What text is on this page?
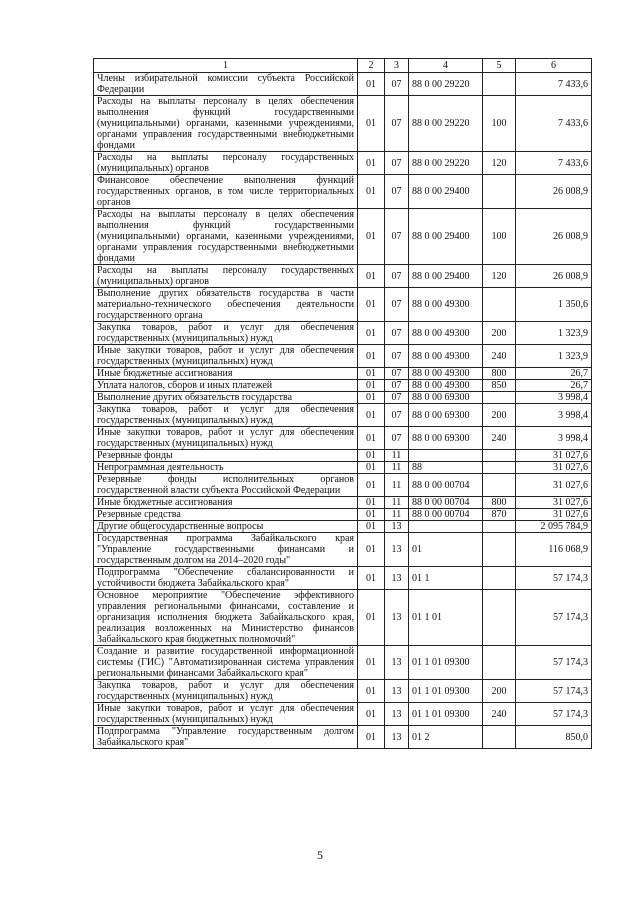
1	2	3	4	5	6
Члены избирательной комиссии субъекта Российской Федерации	01	07	88 0 00 29220		7 433,6
Расходы на выплаты персоналу в целях обеспечения выполнения функций государственными (муниципальными) органами, казенными учреждениями, органами управления государственными внебюджетными фондами	01	07	88 0 00 29220	100	7 433,6
Расходы на выплаты персоналу государственных (муниципальных) органов	01	07	88 0 00 29220	120	7 433,6
Финансовое обеспечение выполнения функций государственных органов, в том числе территориальных органов	01	07	88 0 00 29400		26 008,9
Расходы на выплаты персоналу в целях обеспечения выполнения функций государственными (муниципальными) органами, казенными учреждениями, органами управления государственными внебюджетными фондами	01	07	88 0 00 29400	100	26 008,9
Расходы на выплаты персоналу государственных (муниципальных) органов	01	07	88 0 00 29400	120	26 008,9
Выполнение других обязательств государства в части материально-технического обеспечения деятельности государственного органа	01	07	88 0 00 49300		1 350,6
Закупка товаров, работ и услуг для обеспечения государственных (муниципальных) нужд	01	07	88 0 00 49300	200	1 323,9
Иные закупки товаров, работ и услуг для обеспечения государственных (муниципальных) нужд	01	07	88 0 00 49300	240	1 323,9
Иные бюджетные ассигнования	01	07	88 0 00 49300	800	26,7
Уплата налогов, сборов и иных платежей	01	07	88 0 00 49300	850	26,7
Выполнение других обязательств государства	01	07	88 0 00 69300		3 998,4
Закупка товаров, работ и услуг для обеспечения государственных (муниципальных) нужд	01	07	88 0 00 69300	200	3 998,4
Иные закупки товаров, работ и услуг для обеспечения государственных (муниципальных) нужд	01	07	88 0 00 69300	240	3 998,4
Резервные фонды	01	11			31 027,6
Непрограммная деятельность	01	11	88		31 027,6
Резервные фонды исполнительных органов государственной власти субъекта Российской Федерации	01	11	88 0 00 00704		31 027,6
Иные бюджетные ассигнования	01	11	88 0 00 00704	800	31 027,6
Резервные средства	01	11	88 0 00 00704	870	31 027,6
Другие общегосударственные вопросы	01	13			2 095 784,9
Государственная программа Забайкальского края "Управление государственными финансами и государственным долгом на 2014–2020 годы"	01	13	01		116 068,9
Подпрограмма "Обеспечение сбалансированности и устойчивости бюджета Забайкальского края"	01	13	01 1		57 174,3
Основное мероприятие "Обеспечение эффективного управления региональными финансами, составление и организация исполнения бюджета Забайкальского края, реализация возложенных на Министерство финансов Забайкальского края бюджетных полномочий"	01	13	01 1 01		57 174,3
Создание и развитие государственной информационной системы (ГИС) "Автоматизированная система управления региональными финансами Забайкальского края"	01	13	01 1 01 09300		57 174,3
Закупка товаров, работ и услуг для обеспечения государственных (муниципальных) нужд	01	13	01 1 01 09300	200	57 174,3
Иные закупки товаров, работ и услуг для обеспечения государственных (муниципальных) нужд	01	13	01 1 01 09300	240	57 174,3
Подпрограмма "Управление государственным долгом Забайкальского края"	01	13	01 2		850,0
5
